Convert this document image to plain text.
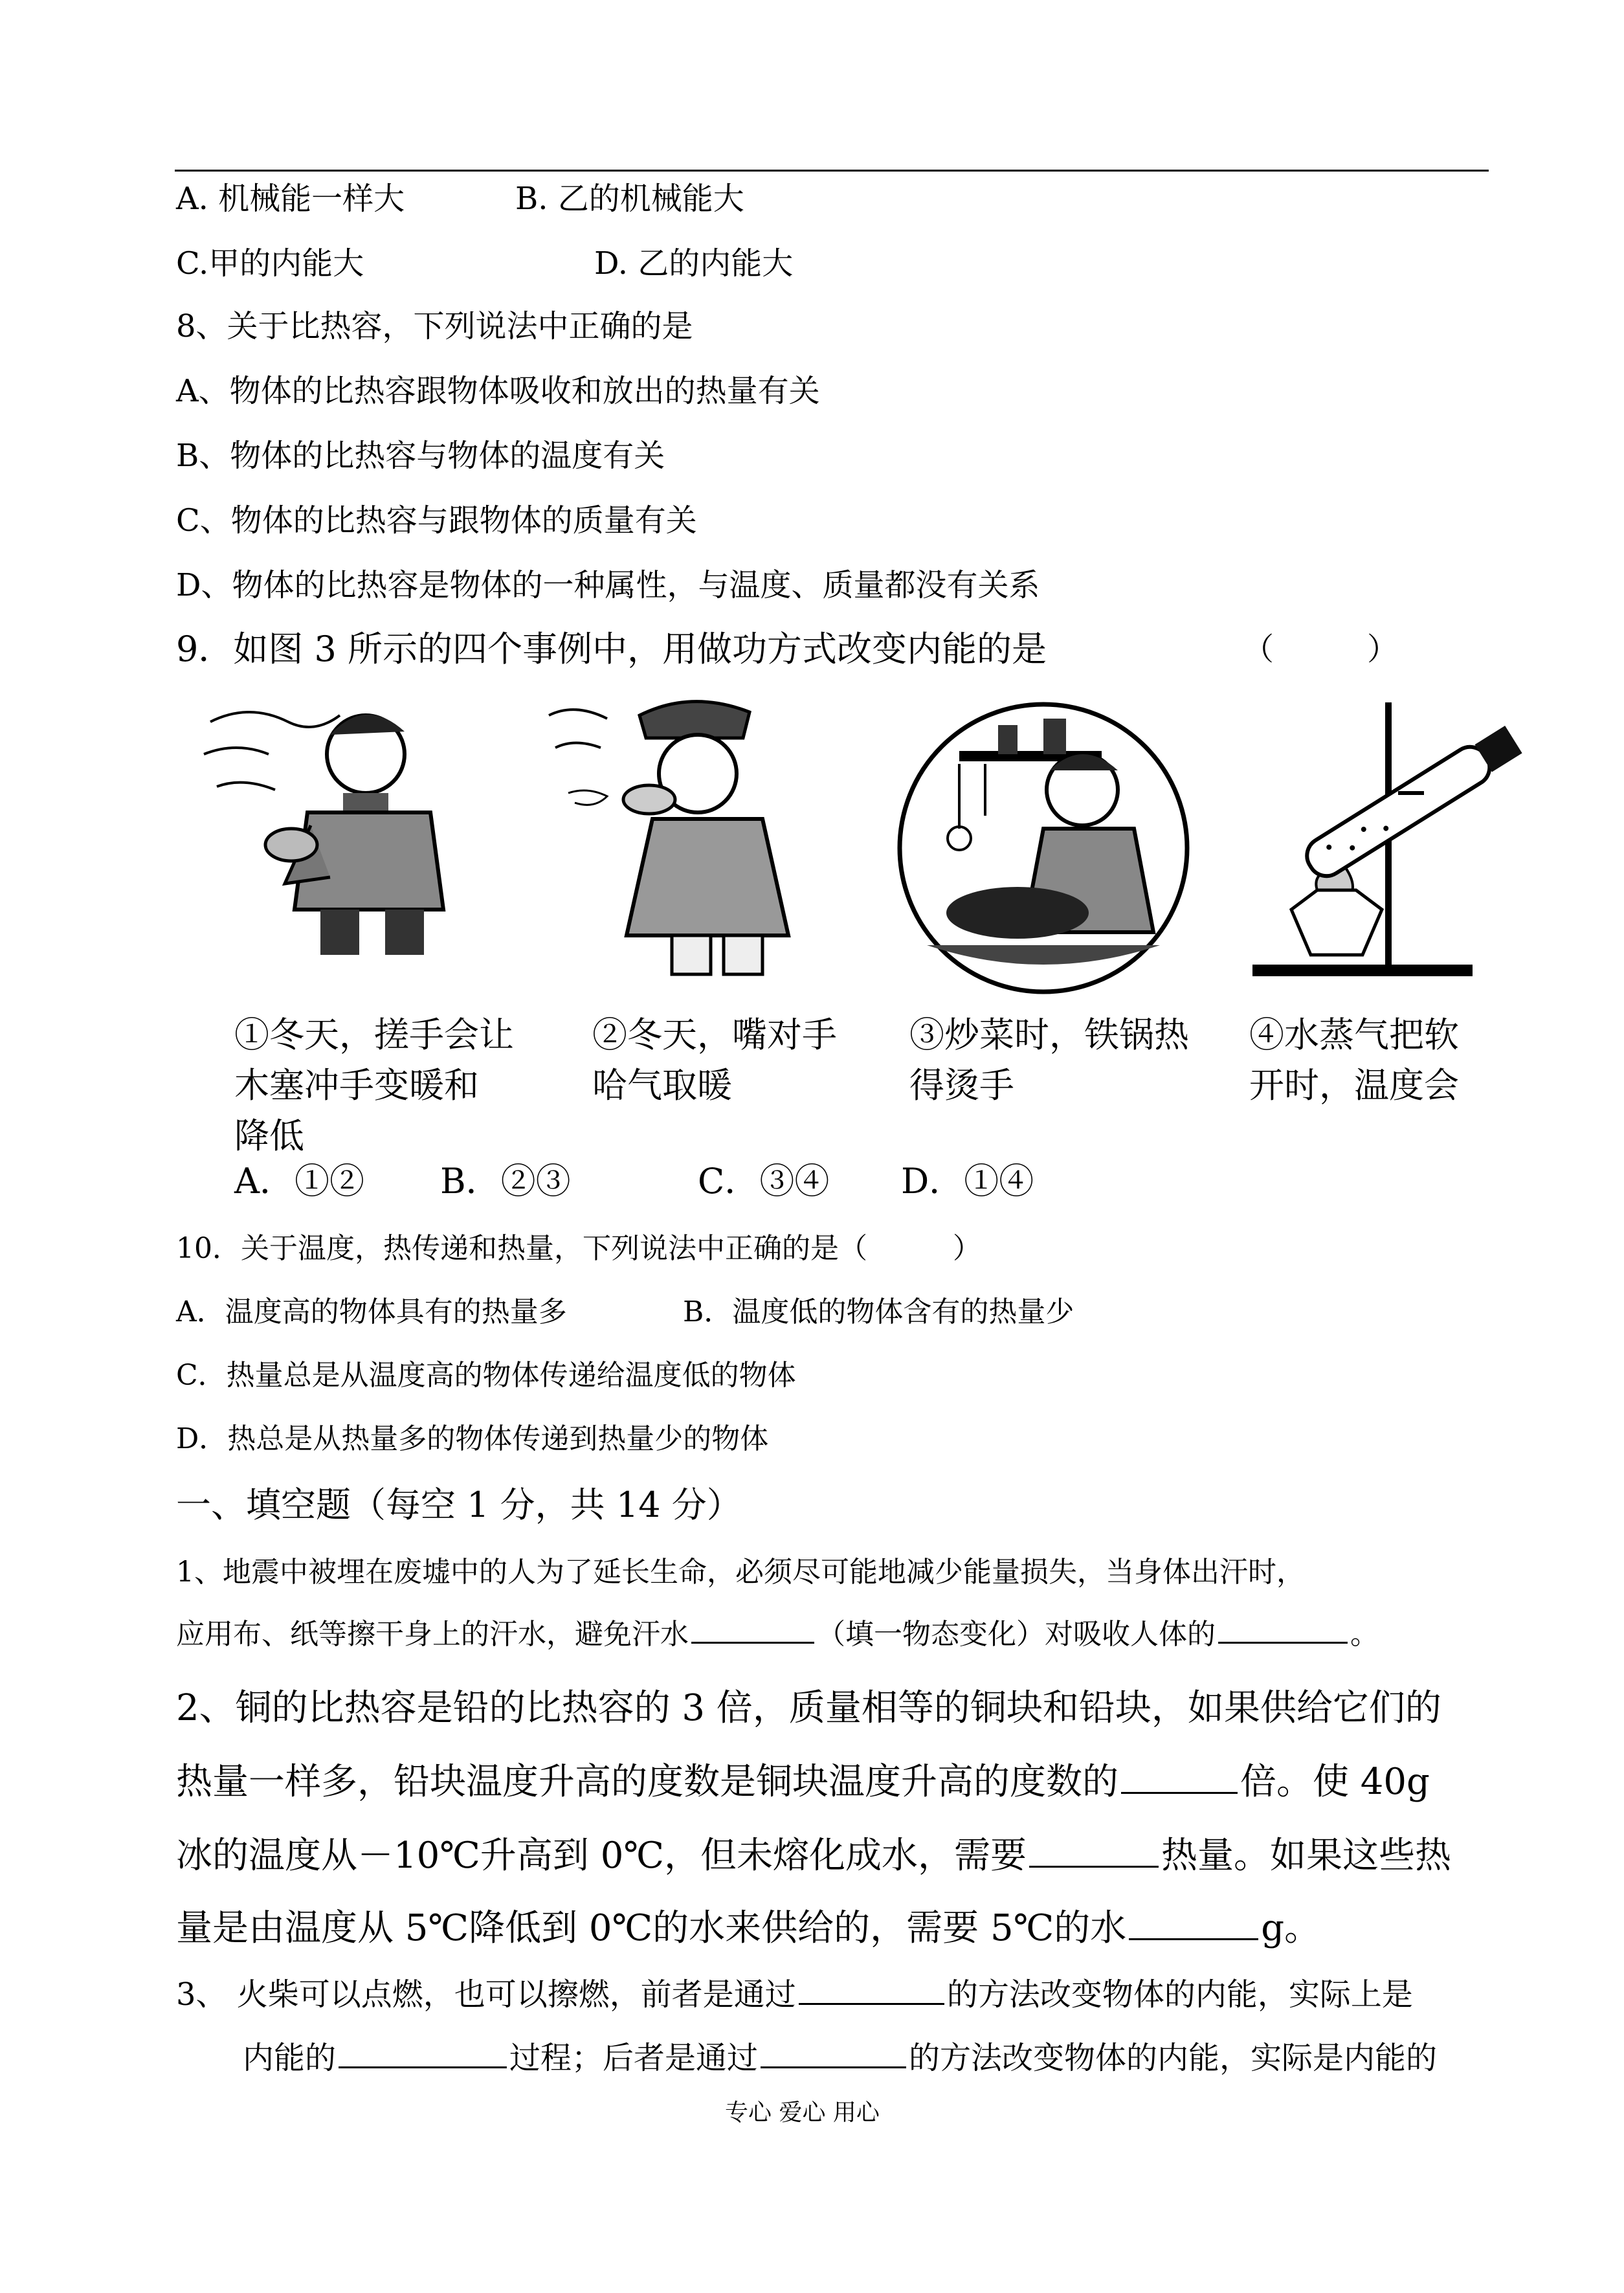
A. 机械能一样大	B. 乙的机械能大
C.甲的内能大	D. 乙的内能大
8、关于比热容，下列说法中正确的是
A、物体的比热容跟物体吸收和放出的热量有关
B、物体的比热容与物体的温度有关
C、物体的比热容与跟物体的质量有关
D、物体的比热容是物体的一种属性，与温度、质量都没有关系
9．如图 3 所示的四个事例中，用做功方式改变内能的是	（　　　）
①冬天，搓手会让
木塞冲手变暖和
降低
②冬天，嘴对手
哈气取暖
③炒菜时，铁锅热
得烫手
④水蒸气把软
开时，温度会
A．①② B．②③	C．③④ D．①④
10．关于温度，热传递和热量，下列说法中正确的是（　　　）
A．温度高的物体具有的热量多	B．温度低的物体含有的热量少
C．热量总是从温度高的物体传递给温度低的物体
D．热总是从热量多的物体传递到热量少的物体
一、填空题（每空 1 分，共 14 分）
1、地震中被埋在废墟中的人为了延长生命，必须尽可能地减少能量损失，当身体出汗时，
应用布、纸等擦干身上的汗水，避免汗水	（填一物态变化）对吸收人体的	。
2、铜的比热容是铅的比热容的 3 倍，质量相等的铜块和铅块，如果供给它们的
热量一样多，铅块温度升高的度数是铜块温度升高的度数的	倍。使 40g
冰的温度从－10℃升高到 0℃，但未熔化成水，需要	热量。如果这些热
量是由温度从 5℃降低到 0℃的水来供给的，需要 5℃的水	g。
3、 火柴可以点燃，也可以擦燃，前者是通过	的方法改变物体的内能，实际上是
内能的	过程；后者是通过	的方法改变物体的内能，实际是内能的
专心 爱心 用心
